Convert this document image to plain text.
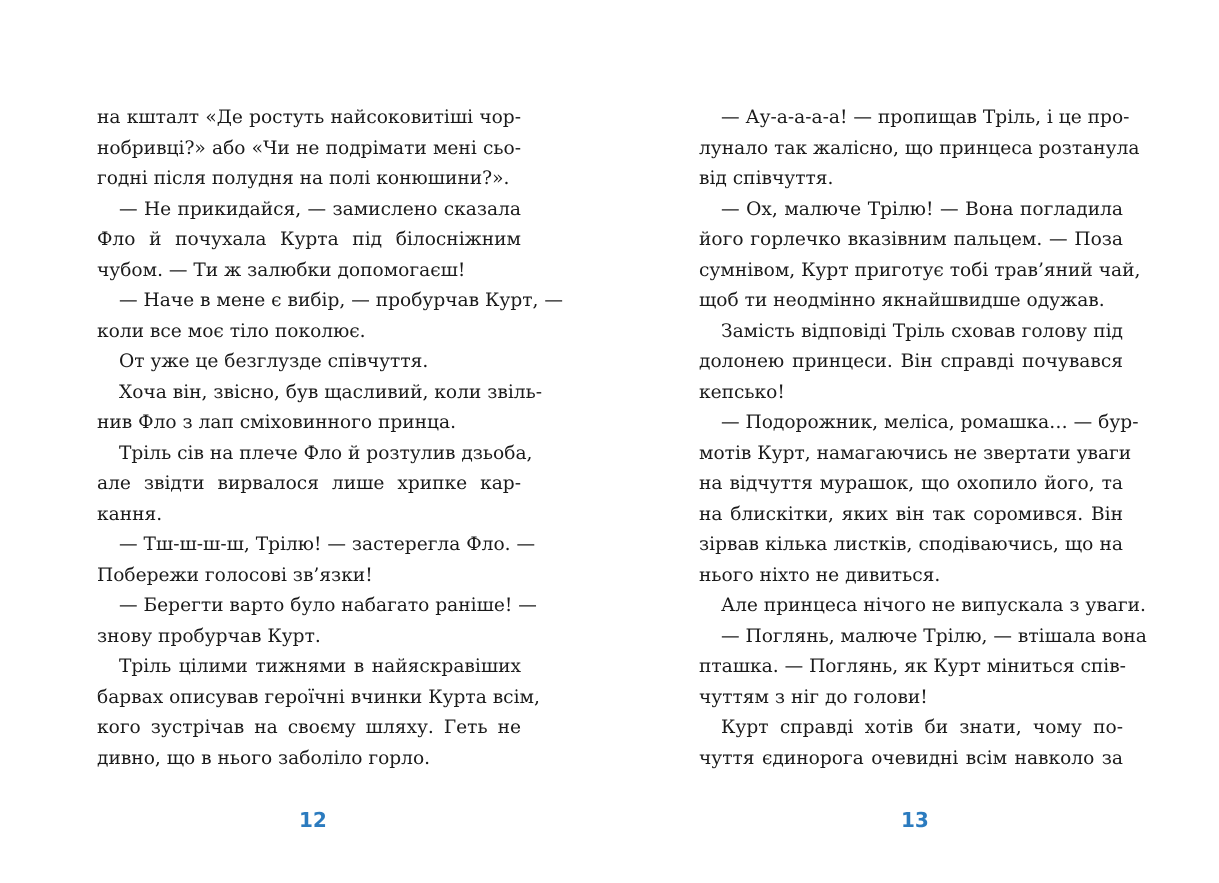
на кшталт «Де ростуть найсоковитіші чор-
нобривці?» або «Чи не подрімати мені сьо-
годні після полудня на полі конюшини?».
— Не прикидайся, — замислено сказала
Фло й почухала Курта під білосніжним
чубом. — Ти ж залюбки допомогаєш!
— Наче в мене є вибір, — пробурчав Курт, —
коли все моє тіло поколює.
От уже це безглузде співчуття.
Хоча він, звісно, був щасливий, коли звіль-
нив Фло з лап сміховинного принца.
Тріль сів на плече Фло й розтулив дзьоба,
але звідти вирвалося лише хрипке кар-
кання.
— Тш-ш-ш-ш, Трілю! — застерегла Фло. —
Побережи голосові зв’язки!
— Берегти варто було набагато раніше! —
знову пробурчав Курт.
Тріль цілими тижнями в найяскравіших
барвах описував героїчні вчинки Курта всім,
кого зустрічав на своєму шляху. Геть не
дивно, що в нього заболіло горло.
12
— Ау-а-а-а-а! — пропищав Тріль, і це про-
лунало так жалісно, що принцеса розтанула
від співчуття.
— Ох, малюче Трілю! — Вона погладила
його горлечко вказівним пальцем. — Поза
сумнівом, Курт приготує тобі трав’яний чай,
щоб ти неодмінно якнайшвидше одужав.
Замість відповіді Тріль сховав голову під
долонею принцеси. Він справді почувався
кепсько!
— Подорожник, меліса, ромашка… — бур-
мотів Курт, намагаючись не звертати уваги
на відчуття мурашок, що охопило його, та
на блискітки, яких він так соромився. Він
зірвав кілька листків, сподіваючись, що на
нього ніхто не дивиться.
Але принцеса нічого не випускала з уваги.
— Поглянь, малюче Трілю, — втішала вона
пташка. — Поглянь, як Курт міниться спів-
чуттям з ніг до голови!
Курт справді хотів би знати, чому по-
чуття єдинорога очевидні всім навколо за
13
